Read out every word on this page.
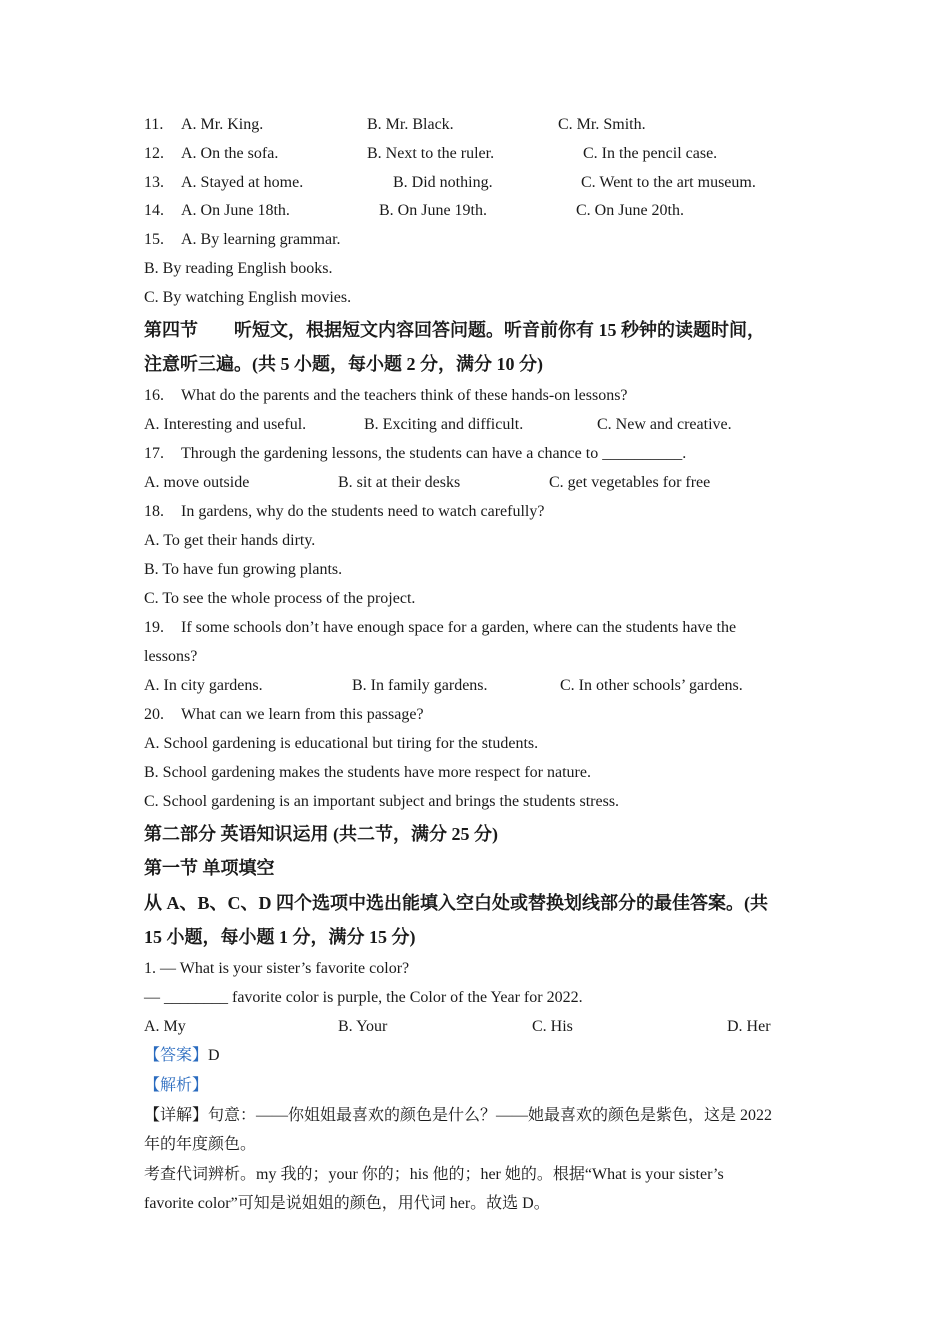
11. A. Mr. King.	B. Mr. Black.	C. Mr. Smith.
12. A. On the sofa.	B. Next to the ruler.	C. In the pencil case.
13. A. Stayed at home.	B. Did nothing.	C. Went to the art museum.
14. A. On June 18th.	B. On June 19th.	C. On June 20th.
15. A. By learning grammar.
B. By reading English books.
C. By watching English movies.
第四节　　听短文，根据短文内容回答问题。听音前你有 15 秒钟的读题时间，
注意听三遍。(共 5 小题，每小题 2 分，满分 10 分)
16. What do the parents and the teachers think of these hands-on lessons?
A. Interesting and useful.	B. Exciting and difficult.	C. New and creative.
17. Through the gardening lessons, the students can have a chance to __________.
A. move outside	B. sit at their desks	C. get vegetables for free
18. In gardens, why do the students need to watch carefully?
A. To get their hands dirty.
B. To have fun growing plants.
C. To see the whole process of the project.
19. If some schools don’t have enough space for a garden, where can the students have the
lessons?
A. In city gardens.	B. In family gardens.	C. In other schools’ gardens.
20. What can we learn from this passage?
A. School gardening is educational but tiring for the students.
B. School gardening makes the students have more respect for nature.
C. School gardening is an important subject and brings the students stress.
第二部分 英语知识运用 (共二节，满分 25 分)
第一节 单项填空
从 A、B、C、D 四个选项中选出能填入空白处或替换划线部分的最佳答案。(共
15 小题，每小题 1 分，满分 15 分)
1. — What is your sister’s favorite color?
— ________ favorite color is purple, the Color of the Year for 2022.
A. My	B. Your	C. His	D. Her
【答案】D
【解析】
【详解】句意：——你姐姐最喜欢的颜色是什么？——她最喜欢的颜色是紫色，这是 2022
年的年度颜色。
考查代词辨析。my 我的；your 你的；his 他的；her 她的。根据“What is your sister’s
favorite color”可知是说姐姐的颜色，用代词 her。故选 D。
